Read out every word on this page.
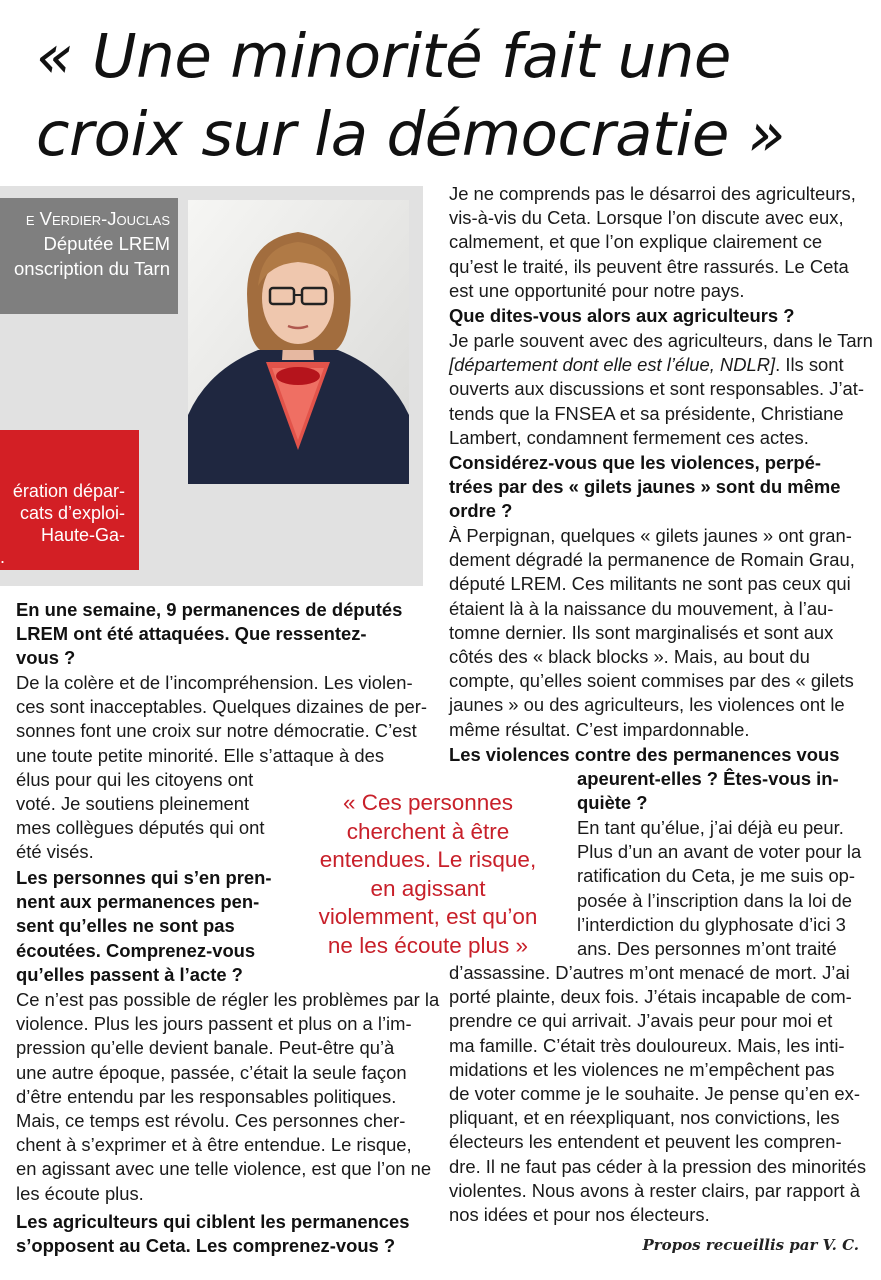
« Une minorité fait une
croix sur la démocratie »
e Verdier-Jouclas
Députée LREM
onscription du Tarn
ération dépar-
cats d’exploi-
Haute-Ga-
.
En une semaine, 9 permanences de députés
LREM ont été attaquées. Que ressentez-
vous ?
De la colère et de l’incompréhension. Les violen-
ces sont inacceptables. Quelques dizaines de per-
sonnes font une croix sur notre démocratie. C’est
une toute petite minorité. Elle s’attaque à des
élus pour qui les citoyens ont
voté. Je soutiens pleinement
mes collègues députés qui ont
été visés.
Les personnes qui s’en pren-
nent aux permanences pen-
sent qu’elles ne sont pas
écoutées. Comprenez-vous
qu’elles passent à l’acte ?
Ce n’est pas possible de régler les problèmes par la
violence. Plus les jours passent et plus on a l’im-
pression qu’elle devient banale. Peut-être qu’à
une autre époque, passée, c’était la seule façon
d’être entendu par les responsables politiques.
Mais, ce temps est révolu. Ces personnes cher-
chent à s’exprimer et à être entendue. Le risque,
en agissant avec une telle violence, est que l’on ne
les écoute plus.
Les agriculteurs qui ciblent les permanences
s’opposent au Ceta. Les comprenez-vous ?
Je ne comprends pas le désarroi des agriculteurs,
vis-à-vis du Ceta. Lorsque l’on discute avec eux,
calmement, et que l’on explique clairement ce
qu’est le traité, ils peuvent être rassurés. Le Ceta
est une opportunité pour notre pays.
Que dites-vous alors aux agriculteurs ?
Je parle souvent avec des agriculteurs, dans le Tarn
[département dont elle est l’élue, NDLR]. Ils sont
ouverts aux discussions et sont responsables. J’at-
tends que la FNSEA et sa présidente, Christiane
Lambert, condamnent fermement ces actes.
Considérez-vous que les violences, perpé-
trées par des « gilets jaunes » sont du même
ordre ?
À Perpignan, quelques « gilets jaunes » ont gran-
dement dégradé la permanence de Romain Grau,
député LREM. Ces militants ne sont pas ceux qui
étaient là à la naissance du mouvement, à l’au-
tomne dernier. Ils sont marginalisés et sont aux
côtés des « black blocks ». Mais, au bout du
compte, qu’elles soient commises par des « gilets
jaunes » ou des agriculteurs, les violences ont le
même résultat. C’est impardonnable.
Les violences contre des permanences vous
apeurent-elles ? Êtes-vous in-
quiète ?
En tant qu’élue, j’ai déjà eu peur.
Plus d’un an avant de voter pour la
ratification du Ceta, je me suis op-
posée à l’inscription dans la loi de
l’interdiction du glyphosate d’ici 3
ans. Des personnes m’ont traité
d’assassine. D’autres m’ont menacé de mort. J’ai
porté plainte, deux fois. J’étais incapable de com-
prendre ce qui arrivait. J’avais peur pour moi et
ma famille. C’était très douloureux. Mais, les inti-
midations et les violences ne m’empêchent pas
de voter comme je le souhaite. Je pense qu’en ex-
pliquant, et en réexpliquant, nos convictions, les
électeurs les entendent et peuvent les compren-
dre. Il ne faut pas céder à la pression des minorités
violentes. Nous avons à rester clairs, par rapport à
nos idées et pour nos électeurs.
« Ces personnes
cherchent à être
entendues. Le risque,
en agissant
violemment, est qu’on
ne les écoute plus »
Propos recueillis par V. C.
